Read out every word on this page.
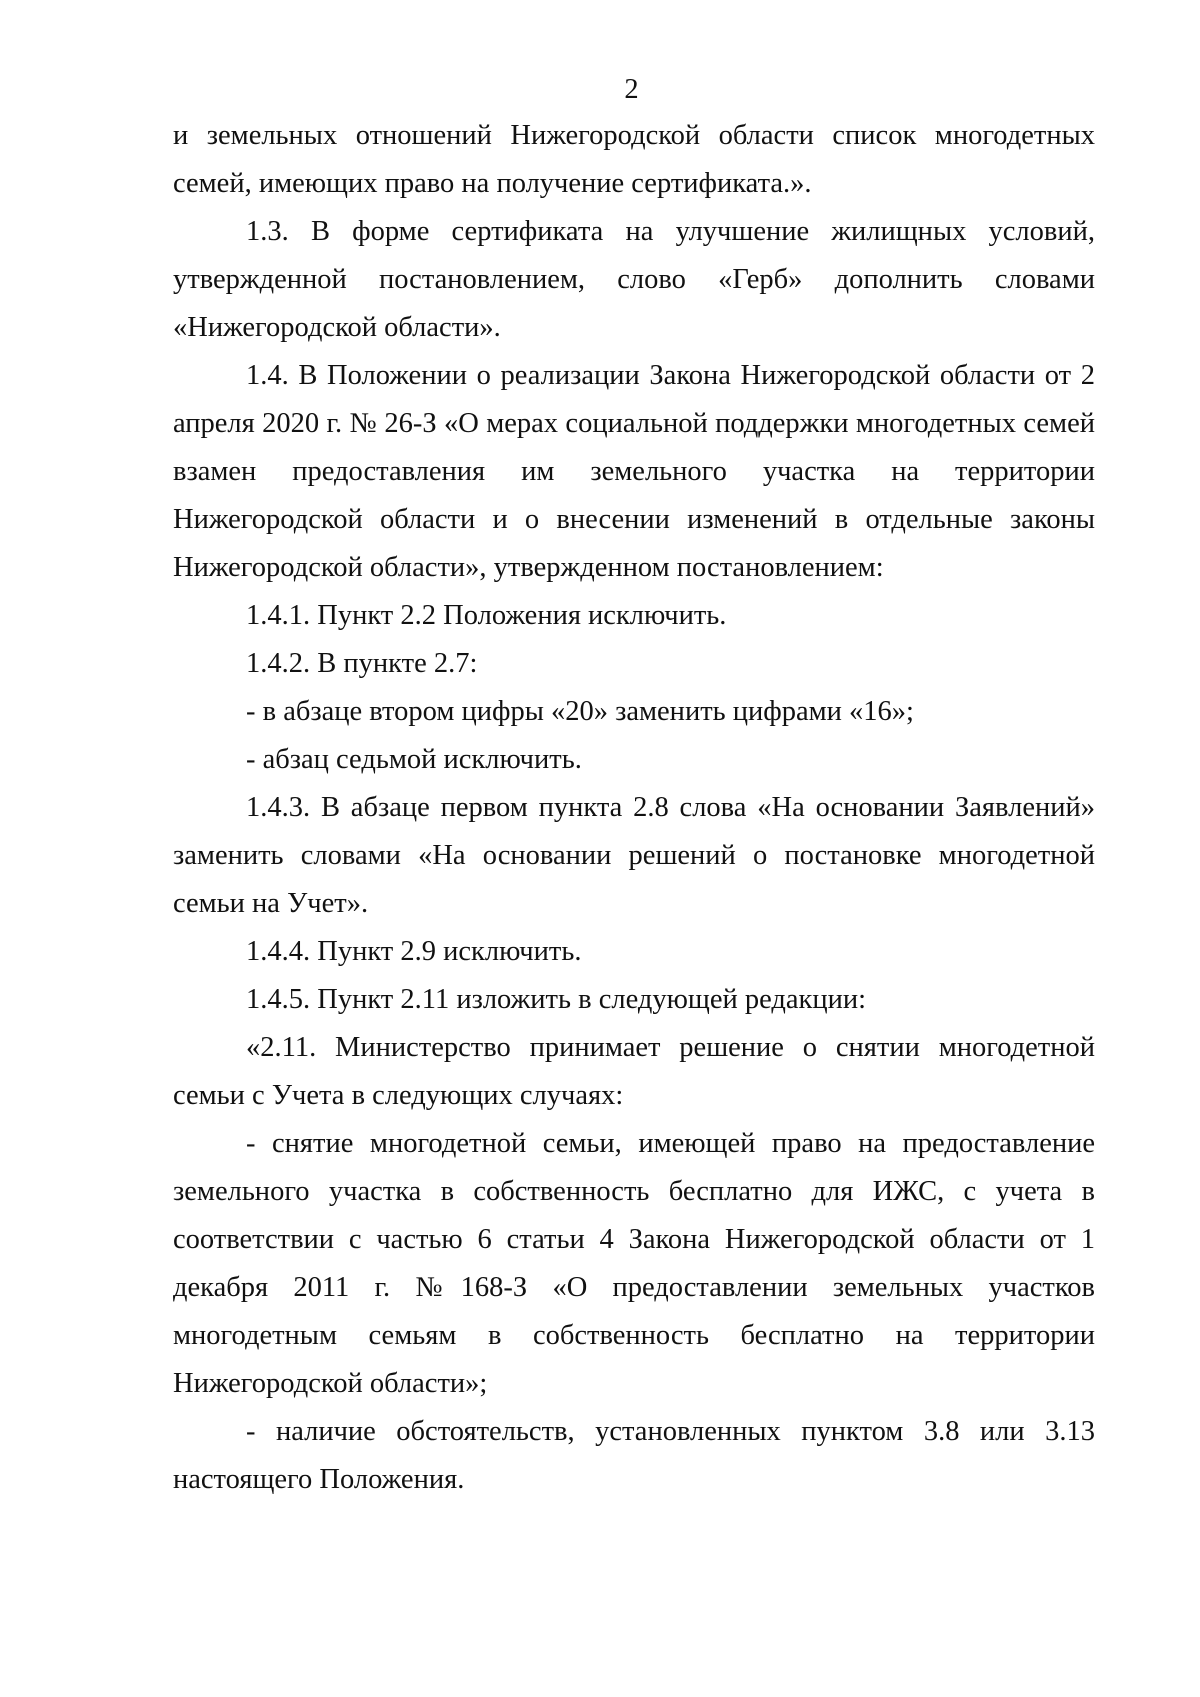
2

и земельных отношений Нижегородской области список многодетных семей, имеющих право на получение сертификата.».

1.3. В форме сертификата на улучшение жилищных условий, утвержденной постановлением, слово «Герб» дополнить словами «Нижегородской области».

1.4. В Положении о реализации Закона Нижегородской области от 2 апреля 2020 г. № 26-З «О мерах социальной поддержки многодетных семей взамен предоставления им земельного участка на территории Нижегородской области и о внесении изменений в отдельные законы Нижегородской области», утвержденном постановлением:

1.4.1. Пункт 2.2 Положения исключить.

1.4.2. В пункте 2.7:

- в абзаце втором цифры «20» заменить цифрами «16»;

- абзац седьмой исключить.

1.4.3. В абзаце первом пункта 2.8 слова «На основании Заявлений» заменить словами «На основании решений о постановке многодетной семьи на Учет».

1.4.4. Пункт 2.9 исключить.

1.4.5. Пункт 2.11 изложить в следующей редакции:

«2.11. Министерство принимает решение о снятии многодетной семьи с Учета в следующих случаях:

- снятие многодетной семьи, имеющей право на предоставление земельного участка в собственность бесплатно для ИЖС, с учета в соответствии с частью 6 статьи 4 Закона Нижегородской области от 1 декабря 2011 г. №168-З «О предоставлении земельных участков многодетным семьям в собственность бесплатно на территории Нижегородской области»;

- наличие обстоятельств, установленных пунктом 3.8 или 3.13 настоящего Положения.
